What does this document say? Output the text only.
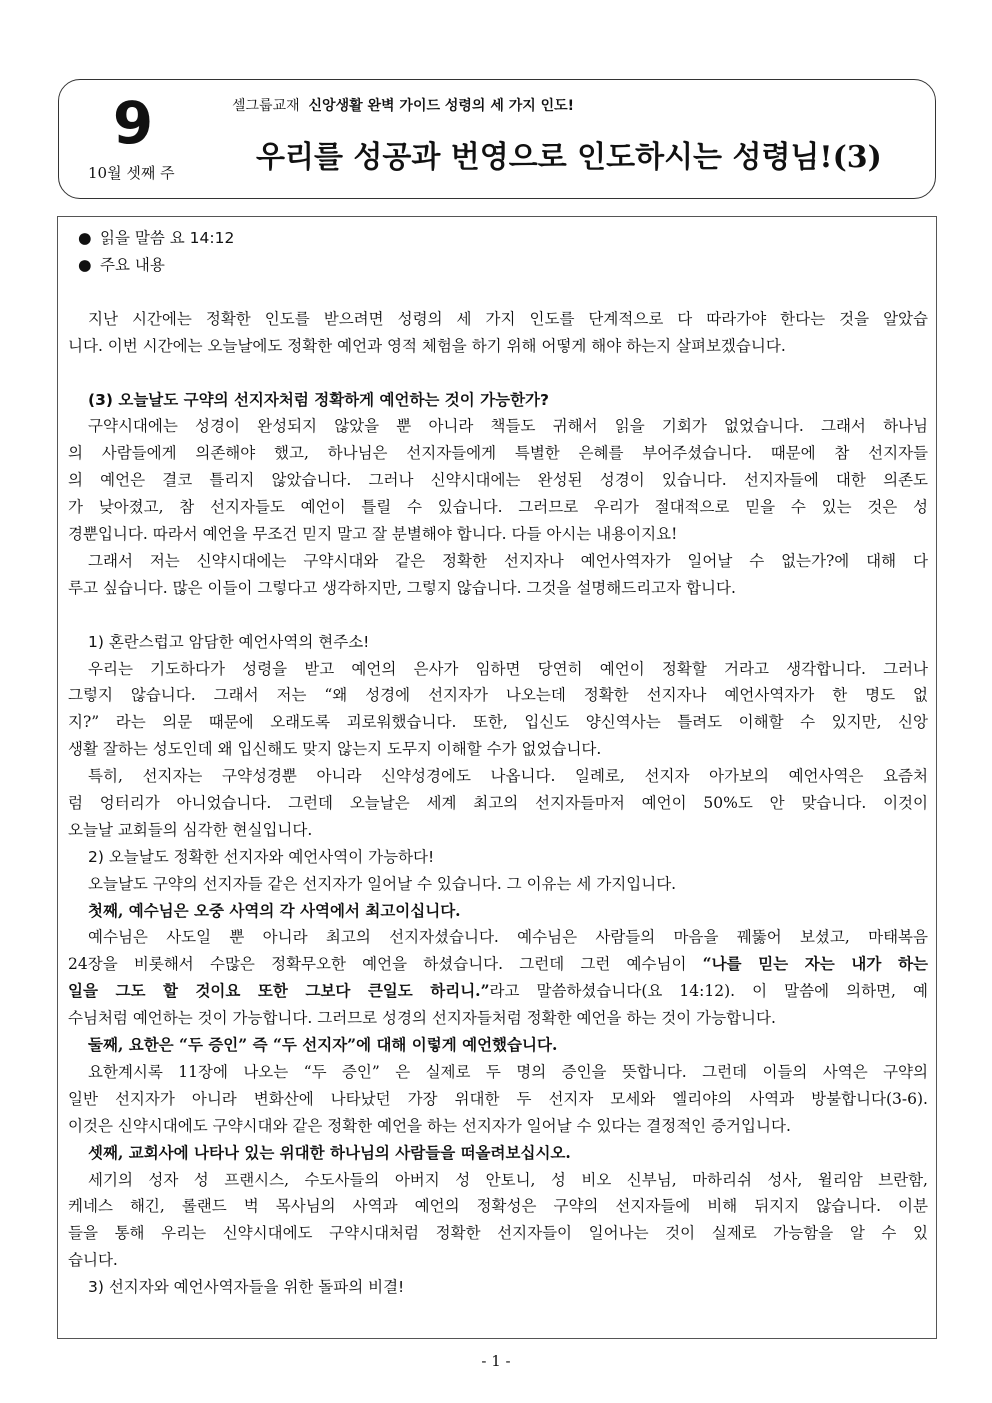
9
10월 셋째 주
셀그룹교재 신앙생활 완벽 가이드 성령의 세 가지 인도!
우리를 성공과 번영으로 인도하시는 성령님!(3)
● 읽을 말씀 요 14:12
● 주요 내용
지난 시간에는 정확한 인도를 받으려면 성령의 세 가지 인도를 단계적으로 다 따라가야 한다는 것을 알았습
니다. 이번 시간에는 오늘날에도 정확한 예언과 영적 체험을 하기 위해 어떻게 해야 하는지 살펴보겠습니다.
(3) 오늘날도 구약의 선지자처럼 정확하게 예언하는 것이 가능한가?
구약시대에는 성경이 완성되지 않았을 뿐 아니라 책들도 귀해서 읽을 기회가 없었습니다. 그래서 하나님
의 사람들에게 의존해야 했고, 하나님은 선지자들에게 특별한 은혜를 부어주셨습니다. 때문에 참 선지자들
의 예언은 결코 틀리지 않았습니다. 그러나 신약시대에는 완성된 성경이 있습니다. 선지자들에 대한 의존도
가 낮아졌고, 참 선지자들도 예언이 틀릴 수 있습니다. 그러므로 우리가 절대적으로 믿을 수 있는 것은 성
경뿐입니다. 따라서 예언을 무조건 믿지 말고 잘 분별해야 합니다. 다들 아시는 내용이지요!
그래서 저는 신약시대에는 구약시대와 같은 정확한 선지자나 예언사역자가 일어날 수 없는가?에 대해 다
루고 싶습니다. 많은 이들이 그렇다고 생각하지만, 그렇지 않습니다. 그것을 설명해드리고자 합니다.
1) 혼란스럽고 암담한 예언사역의 현주소!
우리는 기도하다가 성령을 받고 예언의 은사가 임하면 당연히 예언이 정확할 거라고 생각합니다. 그러나
그렇지 않습니다. 그래서 저는 “왜 성경에 선지자가 나오는데 정확한 선지자나 예언사역자가 한 명도 없
지?” 라는 의문 때문에 오래도록 괴로워했습니다. 또한, 입신도 양신역사는 틀려도 이해할 수 있지만, 신앙
생활 잘하는 성도인데 왜 입신해도 맞지 않는지 도무지 이해할 수가 없었습니다.
특히, 선지자는 구약성경뿐 아니라 신약성경에도 나옵니다. 일례로, 선지자 아가보의 예언사역은 요즘처
럼 엉터리가 아니었습니다. 그런데 오늘날은 세계 최고의 선지자들마저 예언이 50%도 안 맞습니다. 이것이
오늘날 교회들의 심각한 현실입니다.
2) 오늘날도 정확한 선지자와 예언사역이 가능하다!
오늘날도 구약의 선지자들 같은 선지자가 일어날 수 있습니다. 그 이유는 세 가지입니다.
첫째, 예수님은 오중 사역의 각 사역에서 최고이십니다.
예수님은 사도일 뿐 아니라 최고의 선지자셨습니다. 예수님은 사람들의 마음을 꿰뚫어 보셨고, 마태복음
24장을 비롯해서 수많은 정확무오한 예언을 하셨습니다. 그런데 그런 예수님이 “나를 믿는 자는 내가 하는
일을 그도 할 것이요 또한 그보다 큰일도 하리니.”라고 말씀하셨습니다(요 14:12). 이 말씀에 의하면, 예
수님처럼 예언하는 것이 가능합니다. 그러므로 성경의 선지자들처럼 정확한 예언을 하는 것이 가능합니다.
둘째, 요한은 “두 증인” 즉 “두 선지자”에 대해 이렇게 예언했습니다.
요한계시록 11장에 나오는 “두 증인” 은 실제로 두 명의 증인을 뜻합니다. 그런데 이들의 사역은 구약의
일반 선지자가 아니라 변화산에 나타났던 가장 위대한 두 선지자 모세와 엘리야의 사역과 방불합니다(3-6).
이것은 신약시대에도 구약시대와 같은 정확한 예언을 하는 선지자가 일어날 수 있다는 결정적인 증거입니다.
셋째, 교회사에 나타나 있는 위대한 하나님의 사람들을 떠올려보십시오.
세기의 성자 성 프랜시스, 수도사들의 아버지 성 안토니, 성 비오 신부님, 마하리쉬 성사, 윌리암 브란함,
케네스 해긴, 롤랜드 벅 목사님의 사역과 예언의 정확성은 구약의 선지자들에 비해 뒤지지 않습니다. 이분
들을 통해 우리는 신약시대에도 구약시대처럼 정확한 선지자들이 일어나는 것이 실제로 가능함을 알 수 있
습니다.
3) 선지자와 예언사역자들을 위한 돌파의 비결!
- 1 -
